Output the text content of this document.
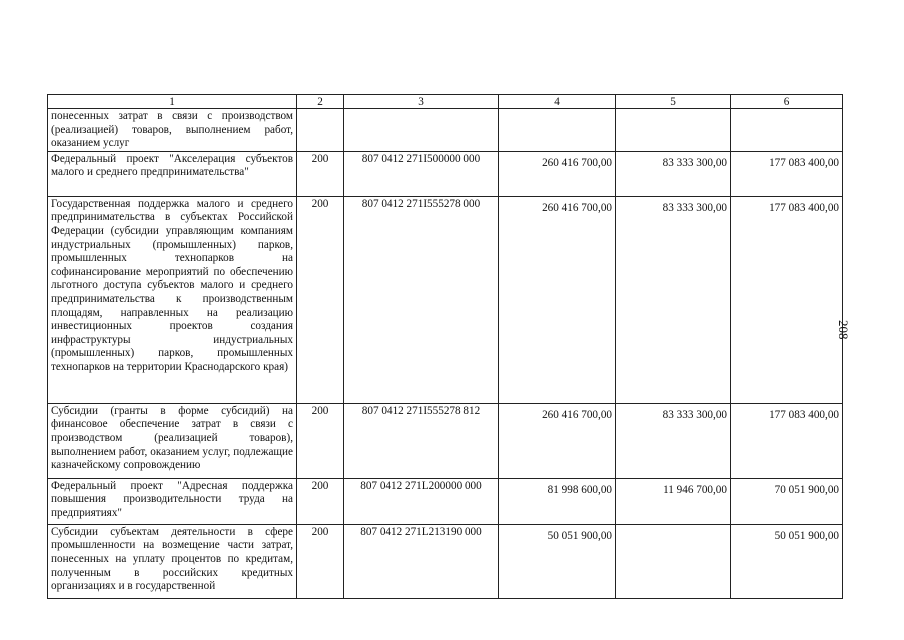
1	2	3	4	5	6
понесенных затрат в связи с производством (реализацией) товаров, выполнением работ, оказанием услуг					
Федеральный проект "Акселерация субъектов малого и среднего предпринимательства"	200	807 0412 271I500000 000	260 416 700,00	83 333 300,00	177 083 400,00
Государственная поддержка малого и среднего предпринимательства в субъектах Российской Федерации (субсидии управляющим компаниям индустриальных (промышленных) парков, промышленных технопарков на софинансирование мероприятий по обеспечению льготного доступа субъектов малого и среднего предпринимательства к производственным площадям, направленных на реализацию инвестиционных проектов создания инфраструктуры индустриальных (промышленных) парков, промышленных технопарков на территории Краснодарского края)	200	807 0412 271I555278 000	260 416 700,00	83 333 300,00	177 083 400,00
Субсидии (гранты в форме субсидий) на финансовое обеспечение затрат в связи с производством (реализацией товаров), выполнением работ, оказанием услуг, подлежащие казначейскому сопровождению	200	807 0412 271I555278 812	260 416 700,00	83 333 300,00	177 083 400,00
Федеральный проект "Адресная поддержка повышения производительности труда на предприятиях"	200	807 0412 271L200000 000	81 998 600,00	11 946 700,00	70 051 900,00
Субсидии субъектам деятельности в сфере промышленности на возмещение части затрат, понесенных на уплату процентов по кредитам, полученным в российских кредитных организациях и в государственной	200	807 0412 271L213190 000	50 051 900,00		50 051 900,00
208
